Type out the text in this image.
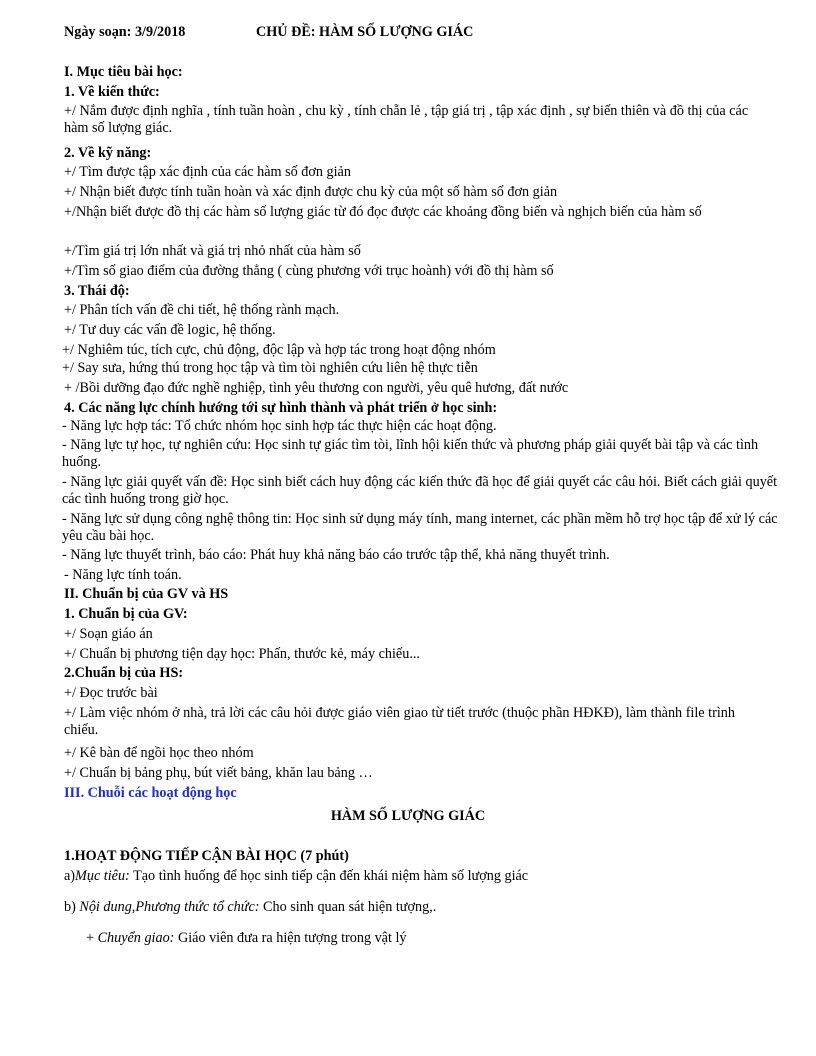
Ngày soạn: 3/9/2018	CHỦ ĐỀ: HÀM SỐ LƯỢNG GIÁC
I. Mục tiêu bài học:
1. Về kiến thức:
+/ Nắm được định nghĩa , tính tuần hoàn , chu kỳ , tính chẵn lẻ , tập giá trị , tập xác định , sự biến thiên và đồ thị của các hàm số lượng giác.
2. Về kỹ năng:
+/ Tìm được tập xác định của các hàm số đơn giản
+/ Nhận biết được tính tuần hoàn và xác định được chu kỳ của một số hàm số đơn giản
+/Nhận biết được đồ thị các hàm số lượng giác từ đó đọc được các khoảng đồng biến và nghịch biến của hàm số
+/Tìm giá trị lớn nhất và giá trị nhỏ nhất của hàm số
+/Tìm số giao điểm của đường thẳng ( cùng phương với trục hoành) với đồ thị hàm số
3. Thái độ:
+/ Phân tích vấn đề chi tiết, hệ thống rành mạch.
+/ Tư duy các vấn đề logic, hệ thống.
+/ Nghiêm túc, tích cực, chủ động, độc lập và hợp tác trong hoạt động nhóm
+/ Say sưa, hứng thú trong học tập và tìm tòi nghiên cứu liên hệ thực tiễn
+ /Bồi dưỡng đạo đức nghề nghiệp, tình yêu thương con người, yêu quê hương, đất nước
4. Các năng lực chính hướng tới sự hình thành và phát triển ở học sinh:
- Năng lực hợp tác: Tổ chức nhóm học sinh hợp tác thực hiện các hoạt động.
- Năng lực tự học, tự nghiên cứu: Học sinh tự giác tìm tòi, lĩnh hội kiến thức và phương pháp giải quyết bài tập và các tình huống.
- Năng lực giải quyết vấn đề: Học sinh biết cách huy động các kiến thức đã học để giải quyết các câu hỏi. Biết cách giải quyết các tình huống trong giờ học.
- Năng lực sử dụng công nghệ thông tin: Học sinh sử dụng máy tính, mang internet, các phần mềm hỗ trợ học tập để xử lý các yêu cầu bài học.
- Năng lực thuyết trình, báo cáo: Phát huy khả năng báo cáo trước tập thể, khả năng thuyết trình.
- Năng lực tính toán.
II. Chuẩn bị của GV và HS
1. Chuẩn bị của GV:
+/ Soạn giáo án
+/ Chuẩn bị phương tiện dạy học: Phấn, thước kẻ, máy chiếu...
2.Chuẩn bị của HS:
+/ Đọc trước bài
+/ Làm việc nhóm ở nhà, trả lời các câu hỏi được giáo viên giao từ tiết trước (thuộc phần HĐKĐ), làm thành file trình chiếu.
+/ Kê bàn để ngồi học theo nhóm
+/ Chuẩn bị bảng phụ, bút viết bảng, khăn lau bảng …
III. Chuỗi các hoạt động học
HÀM SỐ LƯỢNG GIÁC
1.HOẠT ĐỘNG TIẾP CẬN BÀI HỌC (7 phút)
a)Mục tiêu: Tạo tình huống để học sinh tiếp cận đến khái niệm hàm số lượng giác
b) Nội dung,Phương thức tổ chức: Cho sinh quan sát hiện tượng,.
+ Chuyển giao: Giáo viên đưa ra hiện tượng trong vật lý
